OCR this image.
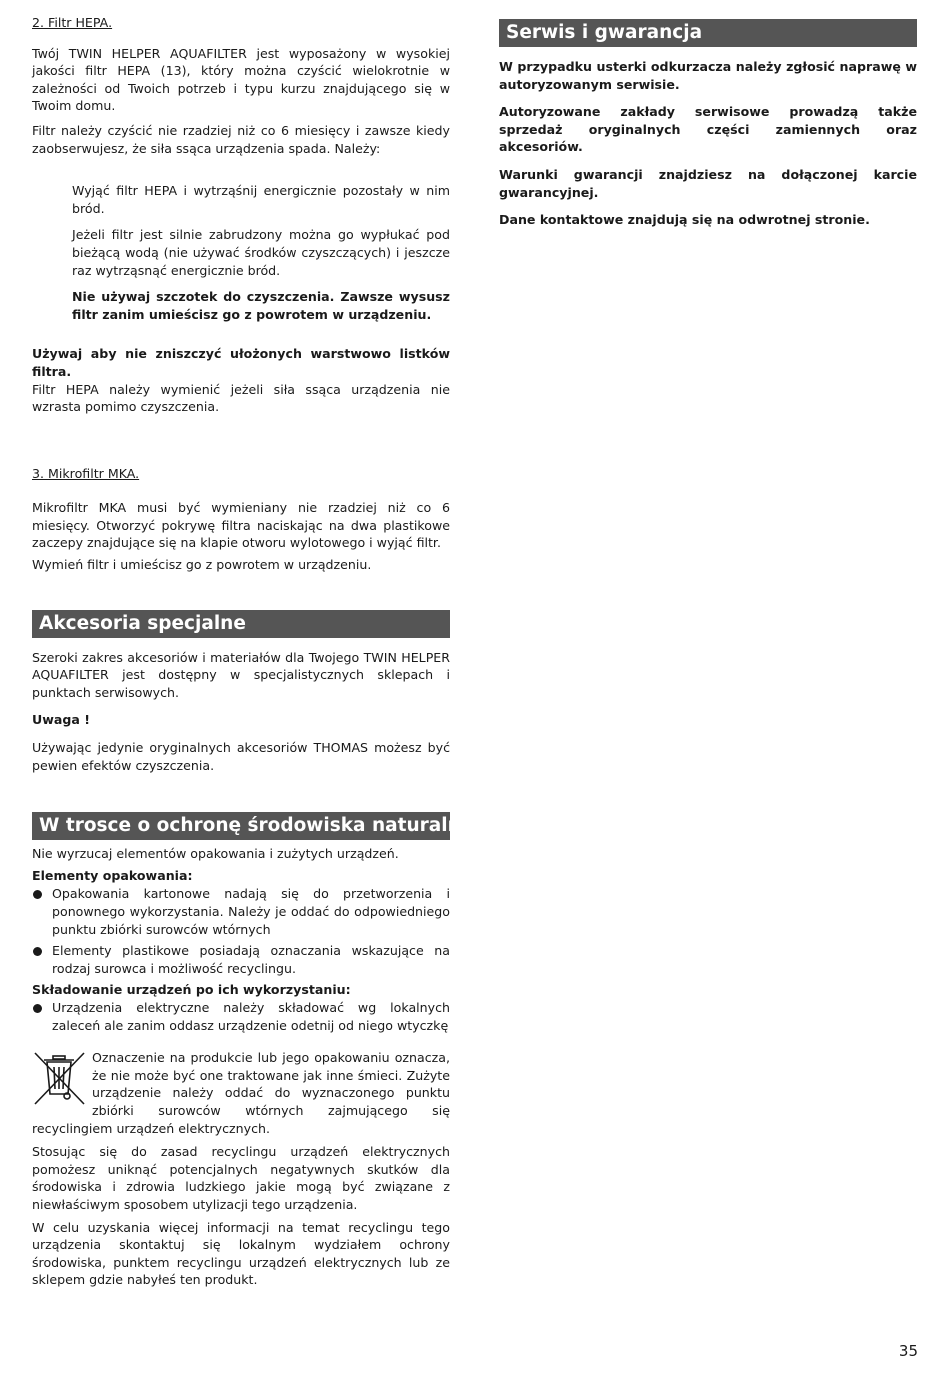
2. Filtr HEPA.

Twój TWIN HELPER AQUAFILTER jest wyposażony w wysokiej jakości filtr HEPA (13), który można czyścić wielokrotnie w zależności od Twoich potrzeb i typu kurzu znajdującego się w Twoim domu.

Filtr należy czyścić nie rzadziej niż co 6 miesięcy i zawsze kiedy zaobserwujesz, że siła ssąca urządzenia spada. Należy:

Wyjąć filtr HEPA i wytrząśnij energicznie pozostały w nim bród.

Jeżeli filtr jest silnie zabrudzony można go wypłukać pod bieżącą wodą (nie używać środków czyszczących) i jeszcze raz wytrząsnąć energicznie bród.

Nie używaj szczotek do czyszczenia. Zawsze wysusz filtr zanim umieścisz go z powrotem w urządzeniu.

Używaj aby nie zniszczyć ułożonych warstwowo listków filtra.

Filtr HEPA należy wymienić jeżeli siła ssąca urządzenia nie wzrasta pomimo czyszczenia.

3. Mikrofiltr MKA.

Mikrofiltr MKA musi być wymieniany nie rzadziej niż co 6 miesięcy. Otworzyć pokrywę filtra naciskając na dwa plastikowe zaczepy znajdujące się na klapie otworu wylotowego i wyjąć filtr.

Wymień filtr i umieścisz go z powrotem w urządzeniu.

Akcesoria specjalne

Szeroki zakres akcesoriów i materiałów dla Twojego TWIN HELPER AQUAFILTER jest dostępny w specjalistycznych sklepach i punktach serwisowych.

Uwaga !

Używając jedynie oryginalnych akcesoriów THOMAS możesz być pewien efektów czyszczenia.

W trosce o ochronę środowiska naturalnego

Nie wyrzucaj elementów opakowania i zużytych urządzeń.

Elementy opakowania:

Opakowania kartonowe nadają się do przetworzenia i ponownego wykorzystania. Należy je oddać do odpowiedniego punktu zbiórki surowców wtórnych
Elementy plastikowe posiadają oznaczania wskazujące na rodzaj surowca i możliwość recyclingu.

Składowanie urządzeń po ich wykorzystaniu:

Urządzenia elektryczne należy składować wg lokalnych zaleceń ale zanim oddasz urządzenie odetnij od niego wtyczkę

Oznaczenie na produkcie lub jego opakowaniu oznacza, że nie może być one traktowane jak inne śmieci. Zużyte urządzenie należy oddać do wyznaczonego punktu zbiórki surowców wtórnych zajmującego się recyclingiem urządzeń elektrycznych.

Stosując się do zasad recyclingu urządzeń elektrycznych pomożesz uniknąć potencjalnych negatywnych skutków dla środowiska i zdrowia ludzkiego jakie mogą być związane z niewłaściwym sposobem utylizacji tego urządzenia.

W celu uzyskania więcej informacji na temat recyclingu tego urządzenia skontaktuj się lokalnym wydziałem ochrony środowiska, punktem recyclingu urządzeń elektrycznych lub ze sklepem gdzie nabyłeś ten produkt.

Serwis i gwarancja

W przypadku usterki odkurzacza należy zgłosić naprawę w autoryzowanym serwisie.

Autoryzowane zakłady serwisowe prowadzą także sprzedaż oryginalnych części zamiennych oraz akcesoriów.

Warunki gwarancji znajdziesz na dołączonej karcie gwarancyjnej.

Dane kontaktowe znajdują się na odwrotnej stronie.

35
